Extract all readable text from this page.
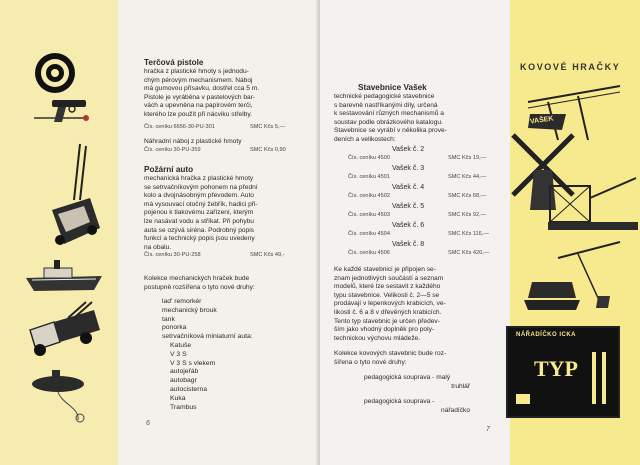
Terčová pistole
hračka z plastické hmoty s jednodu-
chým pérovým mechanismem. Náboj
má gumovou přísavku, dostřel cca 5 m.
Pistole je vyráběna v pastelových bar-
vách a upevněna na papírovém terči,
kterého lze použít při nácviku střelby.
Čís. ceníku 6656-30-PU-301	SMC Kčs 5,—
Náhradní náboj z plastické hmoty
Čís. ceníku 30-PU-359	SMC Kčs 0,90
Požární auto
mechanická hračka z plastické hmoty
se setrvačníkovým pohonem na přední
kolo a dvojnásobným převodem. Auto
má vysouvací otočný žebřík, hadici při-
pojenou k tlakovému zařízení, kterým
lze nasávat vodu a stříkat. Při pohybu
auta se ozývá siréna. Podrobný popis
funkcí a technický popis jsou uvedeny
na obalu.
Čís. ceníku 30-PU-258	SMC Kčs 49,-
Kolekce mechanických hraček bude
postupně rozšířena o tyto nové druhy:
lad' remorkér
mechanický brouk
tank
ponorka
setrvačníková miniaturní auta:
Katuše
V 3 S
V 3 S s vlekem
autojeřáb
autobagr
autocisterna
Kuka
Trambus
6
KOVOVÉ HRAČKY
Stavebnice Vašek
technické pedagogické stavebnice
s barevně nastříkanými díly, určená
k sestavování různých mechanismů a
soustav podle obrázkového katalogu.
Stavebnice se vyrábí v několika prove-
deních a velikostech:
Vašek č. 2
Čís. ceníku 4500	SMC Kčs 19,—
Vašek č. 3
Čís. ceníku 4501	SMC Kčs 44,—
Vašek č. 4
Čís. ceníku 4502	SMC Kčs 68,—
Vašek č. 5
Čís. ceníku 4503	SMC Kčs 92,—
Vašek č. 6
Čís. ceníku 4504	SMC Kčs 116,—
Vašek č. 8
Čís. ceníku 4506	SMC Kčs 420,—
Ke každé stavebnici je připojen se-
znam jednotlivých součástí a seznam
modelů, které lze sestavit z každého
typu stavebnice. Velikosti č. 2—5 se
prodávají v lepenkových krabicích, ve-
likosti č. 6 a 8 v dřevěných krabicích.
Tento typ stavebnic je určen předev-
ším jako vhodný doplněk pro poly-
technickou výchovu mládeže.
Kolekce kovových stavebnic bude roz-
šířena o tyto nové druhy:
pedagogická souprava - malý
truhlář
pedagogická souprava -
nářadíčko
VAŠEK
NÁŘADÍČKO ICKA
TYP
7
